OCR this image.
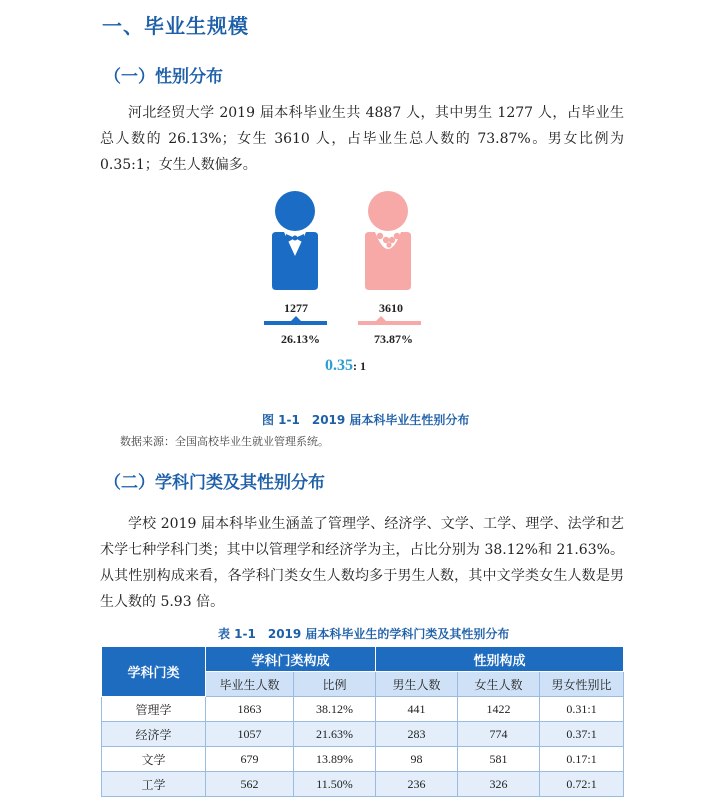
一、毕业生规模
（一）性别分布

河北经贸大学 2019 届本科毕业生共 4887 人，其中男生 1277 人，占毕业生总人数的 26.13%；女生 3610 人，占毕业生总人数的 73.87%。男女比例为 0.35:1；女生人数偏多。

1277	3610
26.13%	73.87%
0.35: 1
图 1-1　2019 届本科毕业生性别分布
数据来源：全国高校毕业生就业管理系统。
（二）学科门类及其性别分布

学校 2019 届本科毕业生涵盖了管理学、经济学、文学、工学、理学、法学和艺术学七种学科门类；其中以管理学和经济学为主，占比分别为 38.12%和 21.63%。从其性别构成来看，各学科门类女生人数均多于男生人数，其中文学类女生人数是男生人数的 5.93 倍。

表 1-1　2019 届本科毕业生的学科门类及其性别分布
学科门类	学科门类构成		性别构成		
	毕业生人数	比例	男生人数	女生人数	男女性别比
管理学	1863	38.12%	441	1422	0.31:1
经济学	1057	21.63%	283	774	0.37:1
文学	679	13.89%	98	581	0.17:1
工学	562	11.50%	236	326	0.72:1
